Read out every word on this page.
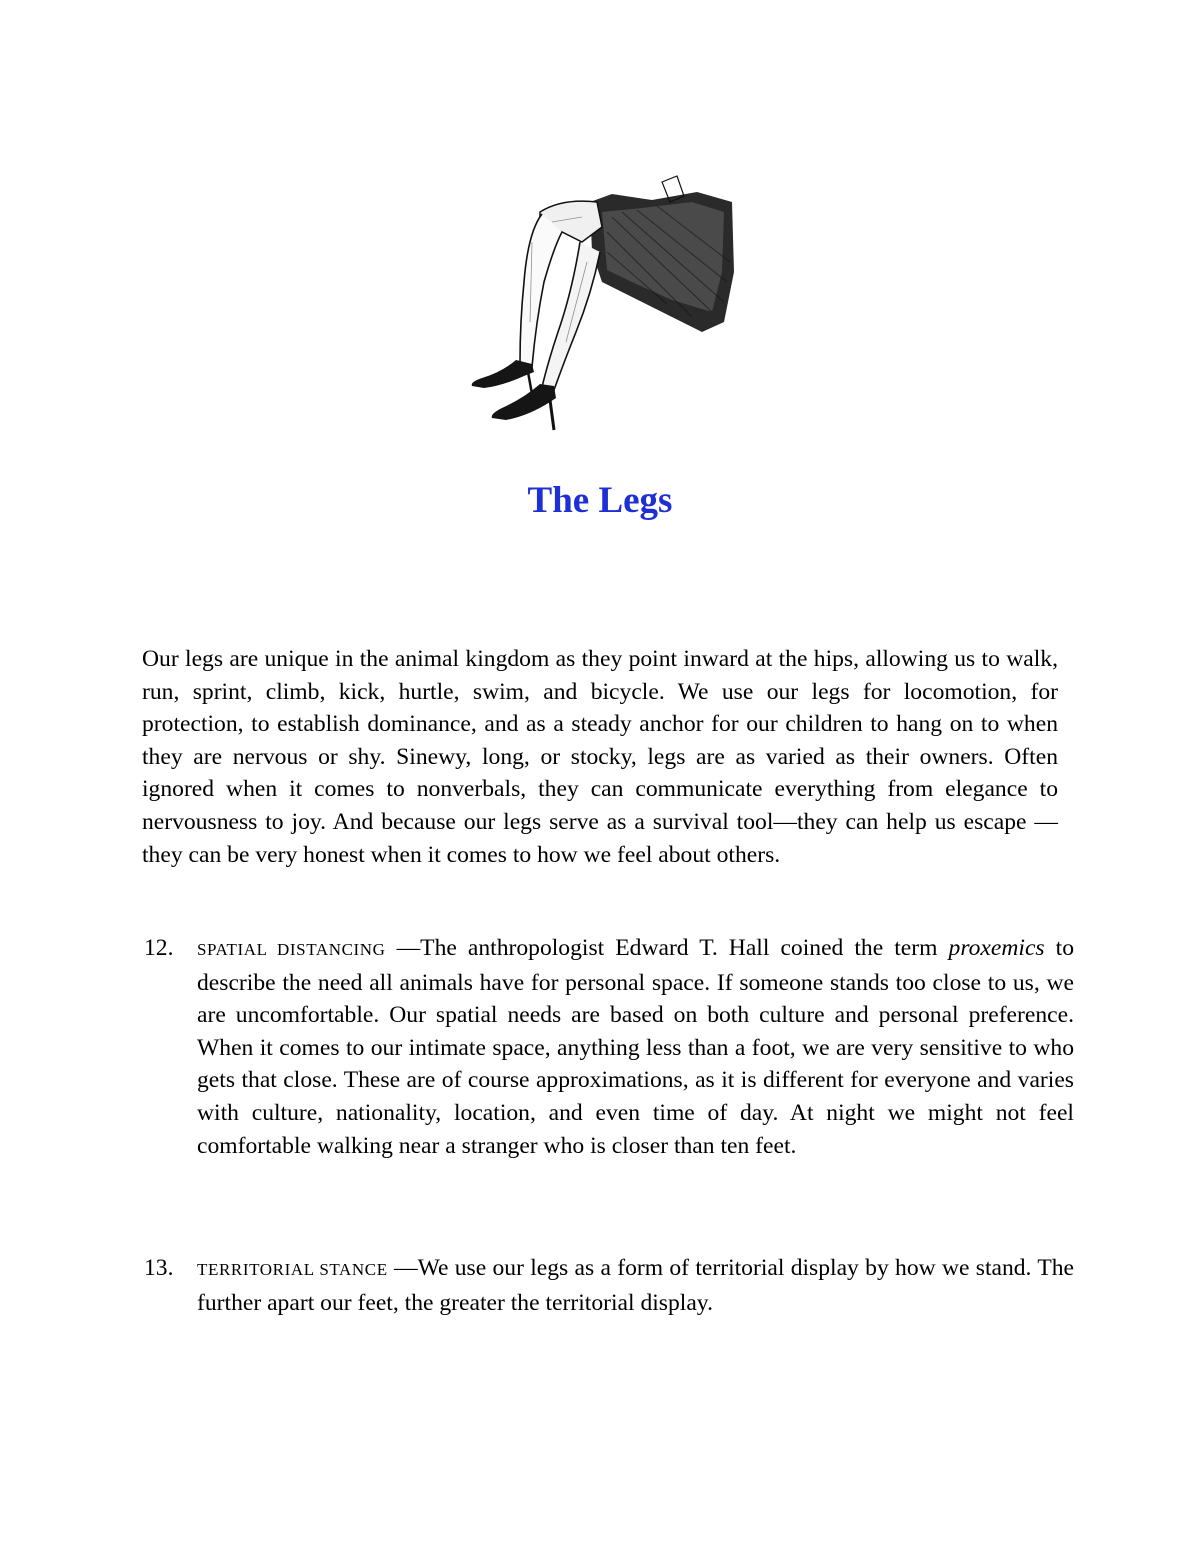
The Legs

Our legs are unique in the animal kingdom as they point inward at the hips, allowing us to walk, run, sprint, climb, kick, hurtle, swim, and bicycle. We use our legs for locomotion, for protection, to establish dominance, and as a steady anchor for our children to hang on to when they are nervous or shy. Sinewy, long, or stocky, legs are as varied as their owners. Often ignored when it comes to nonverbals, they can communicate everything from elegance to nervousness to joy. And because our legs serve as a survival tool—they can help us escape — they can be very honest when it comes to how we feel about others.

12. SPATIAL DISTANCING —The anthropologist Edward T. Hall coined the term proxemics to describe the need all animals have for personal space. If someone stands too close to us, we are uncomfortable. Our spatial needs are based on both culture and personal preference. When it comes to our intimate space, anything less than a foot, we are very sensitive to who gets that close. These are of course approximations, as it is different for everyone and varies with culture, nationality, location, and even time of day. At night we might not feel comfortable walking near a stranger who is closer than ten feet.

13. TERRITORIAL STANCE —We use our legs as a form of territorial display by how we stand. The further apart our feet, the greater the territorial display.
